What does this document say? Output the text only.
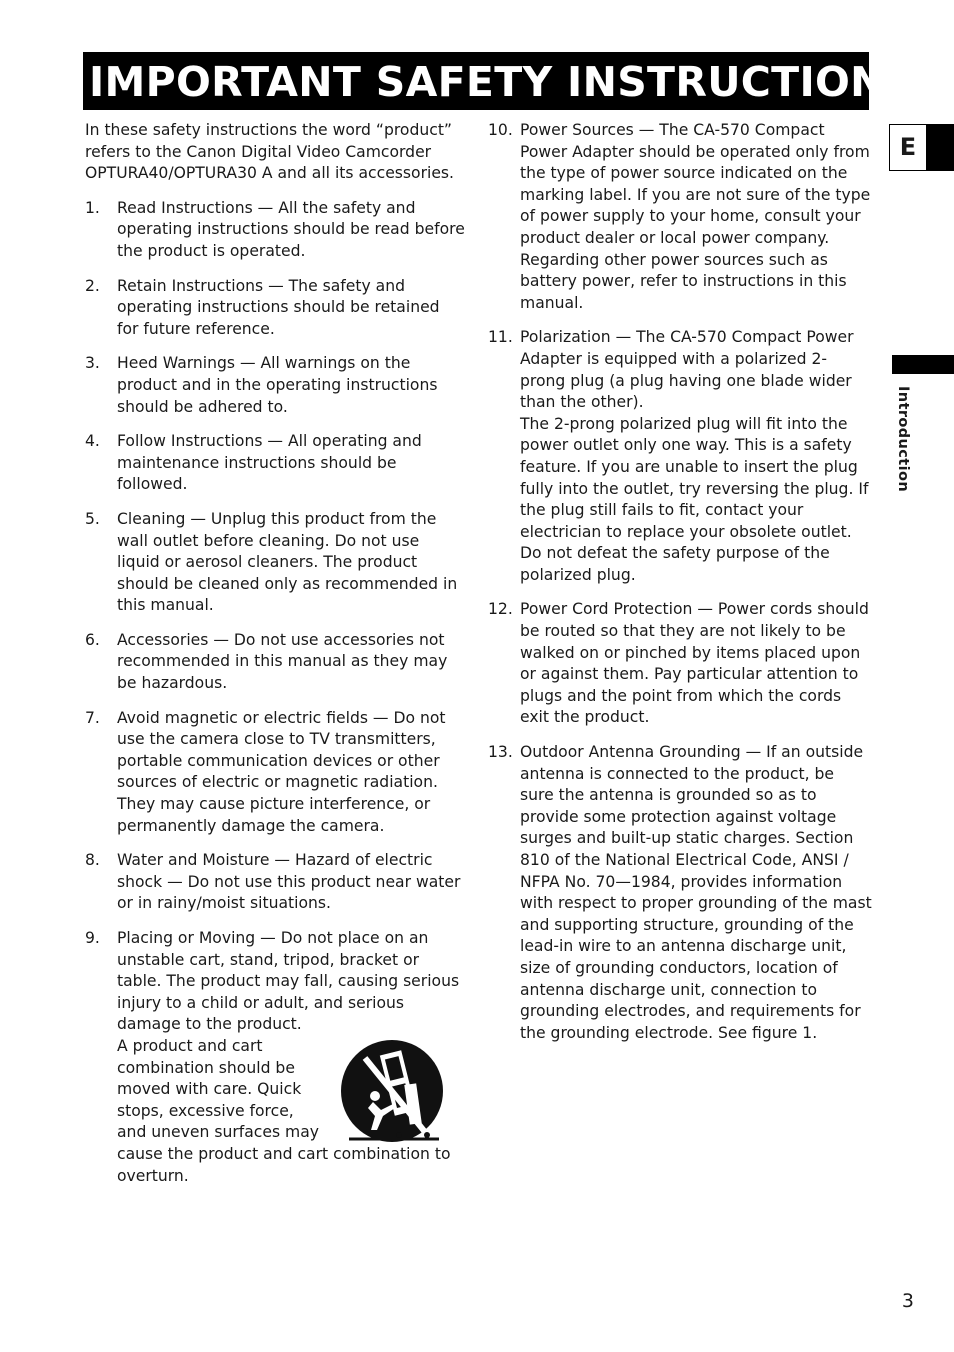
IMPORTANT SAFETY INSTRUCTIONS

In these safety instructions the word “product” refers to the Canon Digital Video Camcorder OPTURA40/OPTURA30 A and all its accessories.

1. Read Instructions — All the safety and operating instructions should be read before the product is operated.
2. Retain Instructions — The safety and operating instructions should be retained for future reference.
3. Heed Warnings — All warnings on the product and in the operating instructions should be adhered to.
4. Follow Instructions — All operating and maintenance instructions should be followed.
5. Cleaning — Unplug this product from the wall outlet before cleaning. Do not use liquid or aerosol cleaners. The product should be cleaned only as recommended in this manual.
6. Accessories — Do not use accessories not recommended in this manual as they may be hazardous.
7. Avoid magnetic or electric fields — Do not use the camera close to TV transmitters, portable communication devices or other sources of electric or magnetic radiation. They may cause picture interference, or permanently damage the camera.
8. Water and Moisture — Hazard of electric shock — Do not use this product near water or in rainy/moist situations.
9. Placing or Moving — Do not place on an unstable cart, stand, tripod, bracket or table. The product may fall, causing serious injury to a child or adult, and serious damage to the product.
A product and cart combination should be moved with care. Quick stops, excessive force, and uneven surfaces may
cause the product and cart combination to overturn.
10. Power Sources — The CA-570 Compact Power Adapter should be operated only from the type of power source indicated on the marking label. If you are not sure of the type of power supply to your home, consult your product dealer or local power company. Regarding other power sources such as battery power, refer to instructions in this manual.
11. Polarization — The CA-570 Compact Power Adapter is equipped with a polarized 2-prong plug (a plug having one blade wider than the other).
The 2-prong polarized plug will fit into the power outlet only one way. This is a safety feature. If you are unable to insert the plug fully into the outlet, try reversing the plug. If the plug still fails to fit, contact your electrician to replace your obsolete outlet. Do not defeat the safety purpose of the polarized plug.
12. Power Cord Protection — Power cords should be routed so that they are not likely to be walked on or pinched by items placed upon or against them. Pay particular attention to plugs and the point from which the cords exit the product.
13. Outdoor Antenna Grounding — If an outside antenna is connected to the product, be sure the antenna is grounded so as to provide some protection against voltage surges and built-up static charges. Section 810 of the National Electrical Code, ANSI / NFPA No. 70—1984, provides information with respect to proper grounding of the mast and supporting structure, grounding of the lead-in wire to an antenna discharge unit, size of grounding conductors, location of antenna discharge unit, connection to grounding electrodes, and requirements for the grounding electrode. See figure 1.
E
Introduction
3
